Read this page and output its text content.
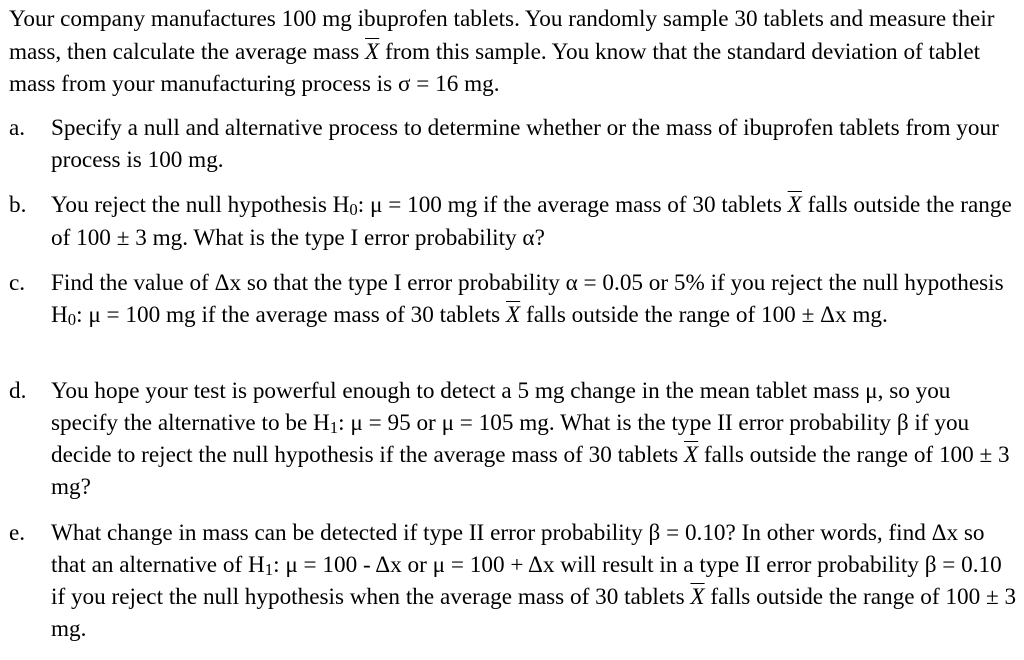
Your company manufactures 100 mg ibuprofen tablets. You randomly sample 30 tablets and measure their mass, then calculate the average mass $\overline{X}$ from this sample. You know that the standard deviation of tablet mass from your manufacturing process is σ = 16 mg.

a.	Specify a null and alternative process to determine whether or the mass of ibuprofen tablets from your process is 100 mg.
b.	You reject the null hypothesis H0: μ = 100 mg if the average mass of 30 tablets $\overline{X}$ falls outside the range of 100 ± 3 mg. What is the type I error probability α?
c.	Find the value of Δx so that the type I error probability α = 0.05 or 5% if you reject the null hypothesis H0: μ = 100 mg if the average mass of 30 tablets $\overline{X}$ falls outside the range of 100 ± Δx mg.
d.	You hope your test is powerful enough to detect a 5 mg change in the mean tablet mass μ, so you specify the alternative to be H1: μ = 95 or μ = 105 mg. What is the type II error probability β if you decide to reject the null hypothesis if the average mass of 30 tablets $\overline{X}$ falls outside the range of 100 ± 3 mg?
e.	What change in mass can be detected if type II error probability β = 0.10? In other words, find Δx so that an alternative of H1: μ = 100 - Δx or μ = 100 + Δx will result in a type II error probability β = 0.10 if you reject the null hypothesis when the average mass of 30 tablets $\overline{X}$ falls outside the range of 100 ± 3 mg.
